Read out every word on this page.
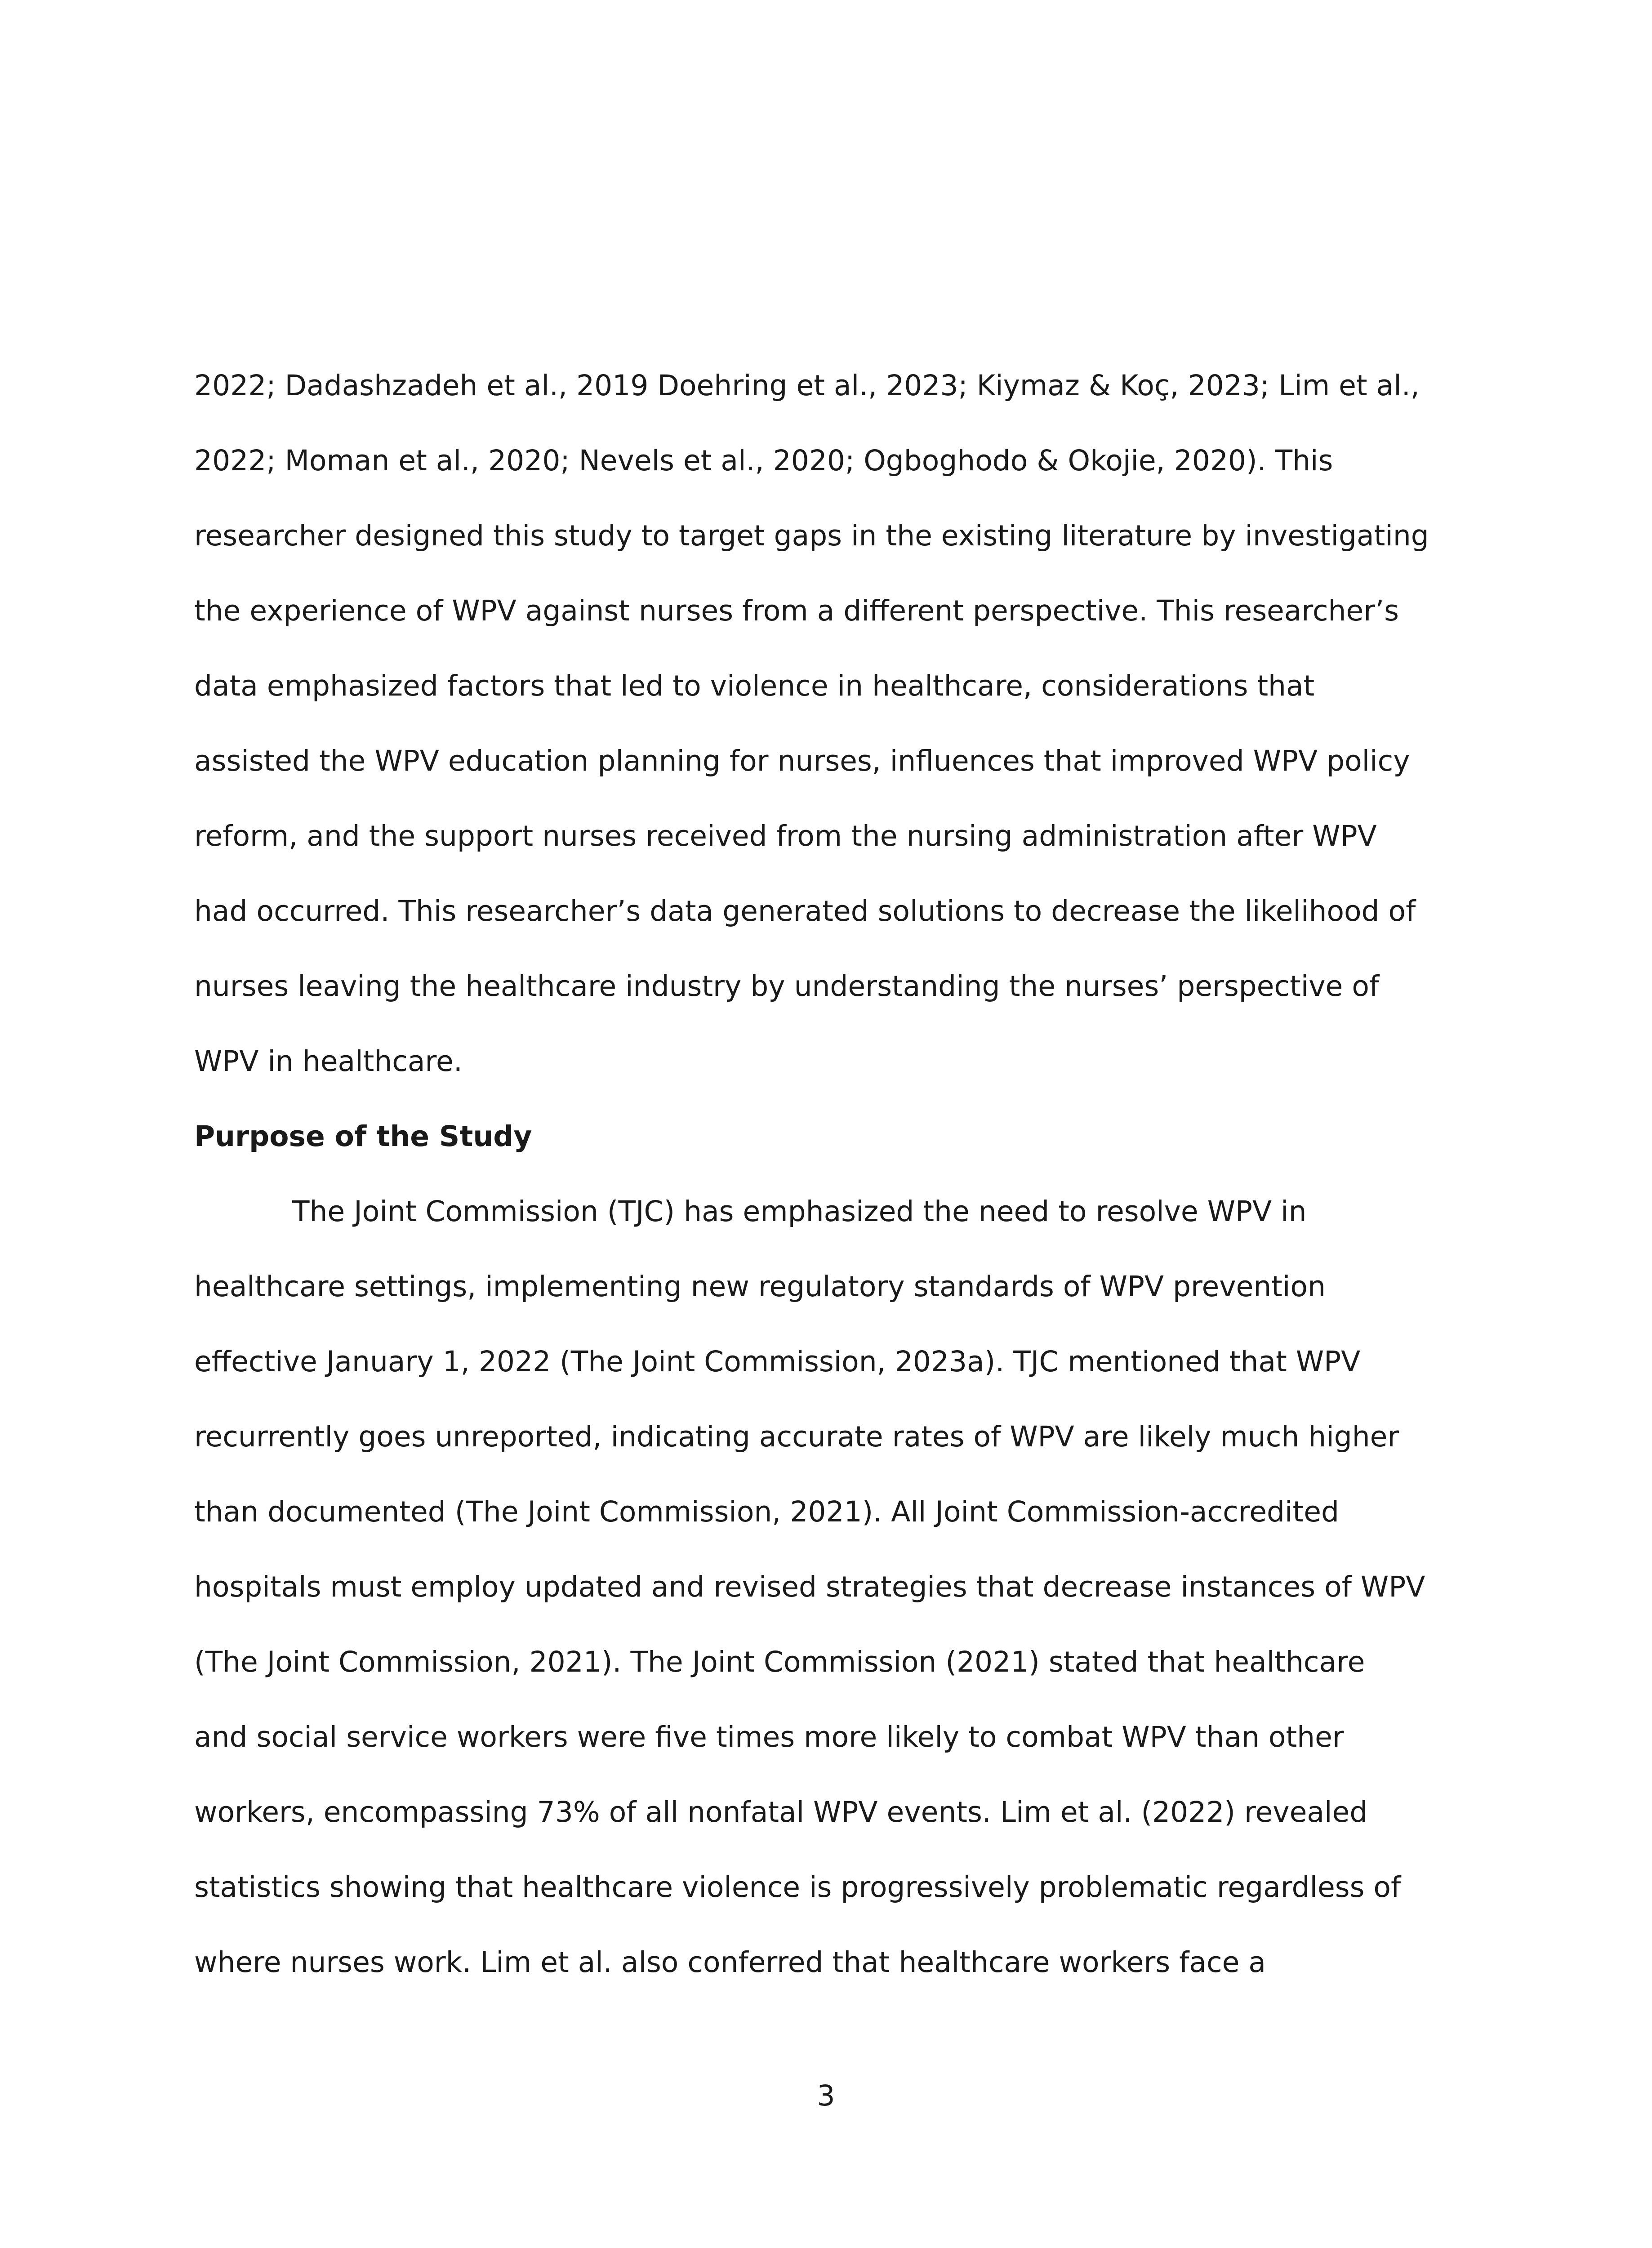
2022; Dadashzadeh et al., 2019 Doehring et al., 2023; Kiymaz & Koç, 2023; Lim et al.,
2022; Moman et al., 2020; Nevels et al., 2020; Ogboghodo & Okojie, 2020). This
researcher designed this study to target gaps in the existing literature by investigating
the experience of WPV against nurses from a different perspective. This researcher’s
data emphasized factors that led to violence in healthcare, considerations that
assisted the WPV education planning for nurses, influences that improved WPV policy
reform, and the support nurses received from the nursing administration after WPV
had occurred. This researcher’s data generated solutions to decrease the likelihood of
nurses leaving the healthcare industry by understanding the nurses’ perspective of
WPV in healthcare.
Purpose of the Study
The Joint Commission (TJC) has emphasized the need to resolve WPV in
healthcare settings, implementing new regulatory standards of WPV prevention
effective January 1, 2022 (The Joint Commission, 2023a). TJC mentioned that WPV
recurrently goes unreported, indicating accurate rates of WPV are likely much higher
than documented (The Joint Commission, 2021). All Joint Commission-accredited
hospitals must employ updated and revised strategies that decrease instances of WPV
(The Joint Commission, 2021). The Joint Commission (2021) stated that healthcare
and social service workers were five times more likely to combat WPV than other
workers, encompassing 73% of all nonfatal WPV events. Lim et al. (2022) revealed
statistics showing that healthcare violence is progressively problematic regardless of
where nurses work. Lim et al. also conferred that healthcare workers face a
3
